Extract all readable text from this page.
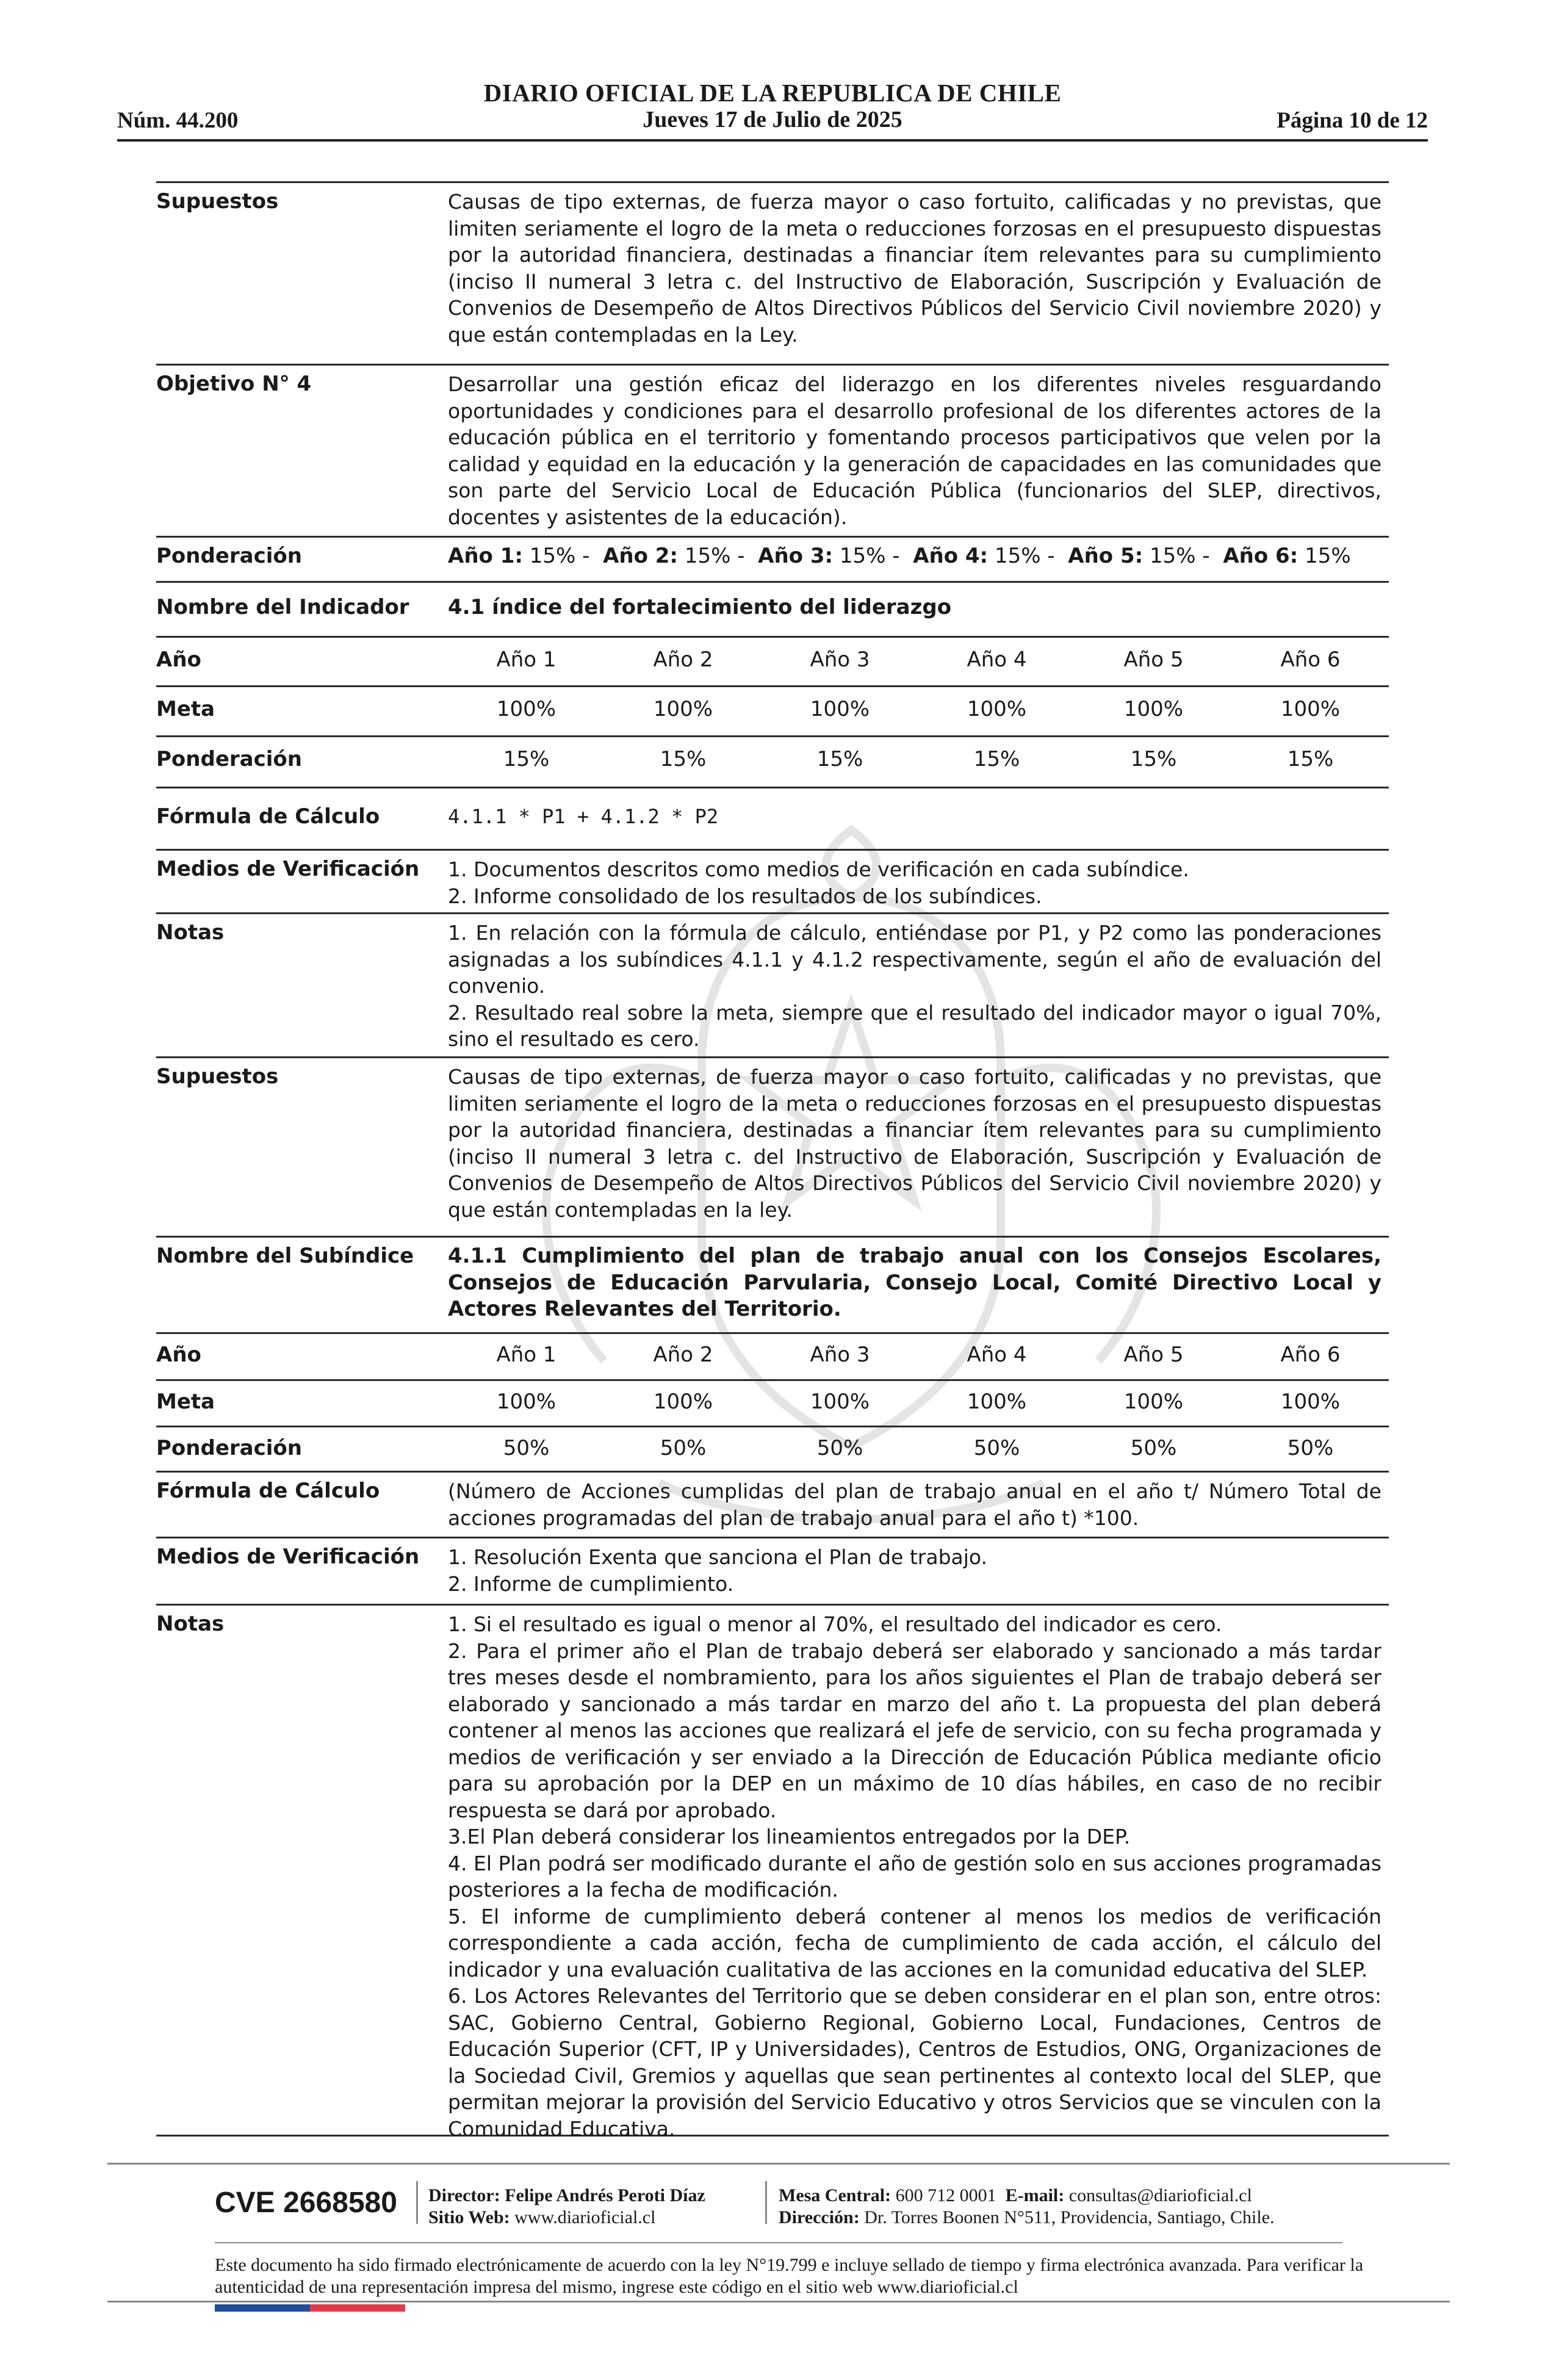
DIARIO OFICIAL DE LA REPUBLICA DE CHILE
Núm. 44.200	Jueves 17 de Julio de 2025	Página 10 de 12
Supuestos	Causas de tipo externas, de fuerza mayor o caso fortuito, calificadas y no previstas, que limiten seriamente el logro de la meta o reducciones forzosas en el presupuesto dispuestas por la autoridad financiera, destinadas a financiar ítem relevantes para su cumplimiento (inciso II numeral 3 letra c. del Instructivo de Elaboración, Suscripción y Evaluación de Convenios de Desempeño de Altos Directivos Públicos del Servicio Civil noviembre 2020) y que están contempladas en la Ley.
Objetivo N° 4	Desarrollar una gestión eficaz del liderazgo en los diferentes niveles resguardando oportunidades y condiciones para el desarrollo profesional de los diferentes actores de la educación pública en el territorio y fomentando procesos participativos que velen por la calidad y equidad en la educación y la generación de capacidades en las comunidades que son parte del Servicio Local de Educación Pública (funcionarios del SLEP, directivos, docentes y asistentes de la educación).
Ponderación	Año 1: 15% -  Año 2: 15% -  Año 3: 15% -  Año 4: 15% -  Año 5: 15% -  Año 6: 15%
Nombre del Indicador	4.1 índice del fortalecimiento del liderazgo
Año	Año 1	Año 2	Año 3	Año 4	Año 5	Año 6
Meta	100%	100%	100%	100%	100%	100%
Ponderación	15%	15%	15%	15%	15%	15%
Fórmula de Cálculo	4.1.1 * P1 + 4.1.2 * P2
Medios de Verificación	1. Documentos descritos como medios de verificación en cada subíndice.
2. Informe consolidado de los resultados de los subíndices.
Notas	1. En relación con la fórmula de cálculo, entiéndase por P1, y P2 como las ponderaciones asignadas a los subíndices 4.1.1 y 4.1.2 respectivamente, según el año de evaluación del convenio.
2. Resultado real sobre la meta, siempre que el resultado del indicador mayor o igual 70%, sino el resultado es cero.
Supuestos	Causas de tipo externas, de fuerza mayor o caso fortuito, calificadas y no previstas, que limiten seriamente el logro de la meta o reducciones forzosas en el presupuesto dispuestas por la autoridad financiera, destinadas a financiar ítem relevantes para su cumplimiento (inciso II numeral 3 letra c. del Instructivo de Elaboración, Suscripción y Evaluación de Convenios de Desempeño de Altos Directivos Públicos del Servicio Civil noviembre 2020) y que están contempladas en la ley.
Nombre del Subíndice	4.1.1 Cumplimiento del plan de trabajo anual con los Consejos Escolares, Consejos de Educación Parvularia, Consejo Local, Comité Directivo Local y Actores Relevantes del Territorio.
Año	Año 1	Año 2	Año 3	Año 4	Año 5	Año 6
Meta	100%	100%	100%	100%	100%	100%
Ponderación	50%	50%	50%	50%	50%	50%
Fórmula de Cálculo	(Número de Acciones cumplidas del plan de trabajo anual en el año t/ Número Total de acciones programadas del plan de trabajo anual para el año t) *100.
Medios de Verificación	1. Resolución Exenta que sanciona el Plan de trabajo.
2. Informe de cumplimiento.
Notas	1. Si el resultado es igual o menor al 70%, el resultado del indicador es cero.
2. Para el primer año el Plan de trabajo deberá ser elaborado y sancionado a más tardar tres meses desde el nombramiento, para los años siguientes el Plan de trabajo deberá ser elaborado y sancionado a más tardar en marzo del año t. La propuesta del plan deberá contener al menos las acciones que realizará el jefe de servicio, con su fecha programada y medios de verificación y ser enviado a la Dirección de Educación Pública mediante oficio para su aprobación por la DEP en un máximo de 10 días hábiles, en caso de no recibir respuesta se dará por aprobado.
3.El Plan deberá considerar los lineamientos entregados por la DEP.
4. El Plan podrá ser modificado durante el año de gestión solo en sus acciones programadas posteriores a la fecha de modificación.
5. El informe de cumplimiento deberá contener al menos los medios de verificación correspondiente a cada acción, fecha de cumplimiento de cada acción, el cálculo del indicador y una evaluación cualitativa de las acciones en la comunidad educativa del SLEP.
6. Los Actores Relevantes del Territorio que se deben considerar en el plan son, entre otros: SAC, Gobierno Central, Gobierno Regional, Gobierno Local, Fundaciones, Centros de Educación Superior (CFT, IP y Universidades), Centros de Estudios, ONG, Organizaciones de la Sociedad Civil, Gremios y aquellas que sean pertinentes al contexto local del SLEP, que permitan mejorar la provisión del Servicio Educativo y otros Servicios que se vinculen con la Comunidad Educativa.
CVE 2668580 Director: Felipe Andrés Peroti Díaz
Sitio Web: www.diarioficial.cl
Mesa Central: 600 712 0001 E-mail: consultas@diarioficial.cl
Dirección: Dr. Torres Boonen N°511, Providencia, Santiago, Chile.
Este documento ha sido firmado electrónicamente de acuerdo con la ley N°19.799 e incluye sellado de tiempo y firma electrónica avanzada. Para verificar la autenticidad de una representación impresa del mismo, ingrese este código en el sitio web www.diarioficial.cl
